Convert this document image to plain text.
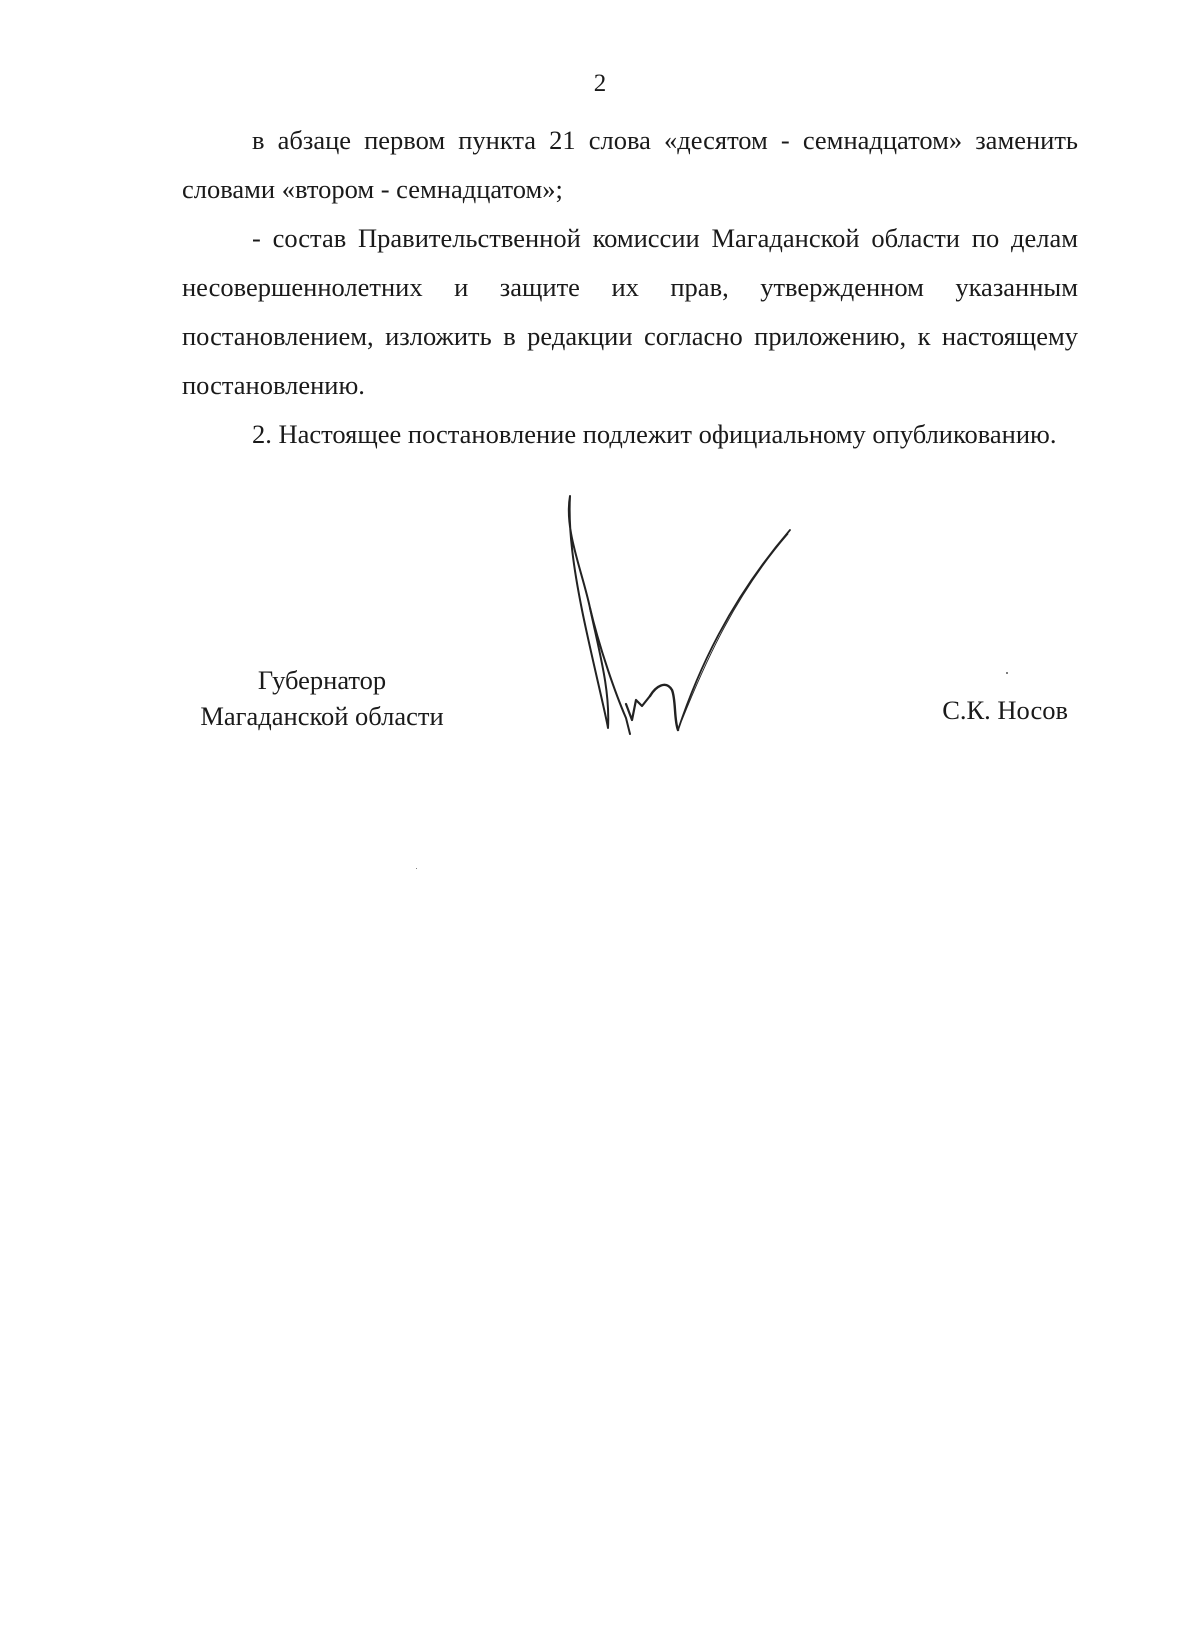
2

в абзаце первом пункта 21 слова «десятом - семнадцатом» заменить словами «втором - семнадцатом»;

- состав Правительственной комиссии Магаданской области по делам несовершеннолетних и защите их прав, утвержденном указанным постановлением, изложить в редакции согласно приложению, к настоящему постановлению.

2. Настоящее постановление подлежит официальному опубликованию.

Губернатор
Магаданской области	С.К. Носов
